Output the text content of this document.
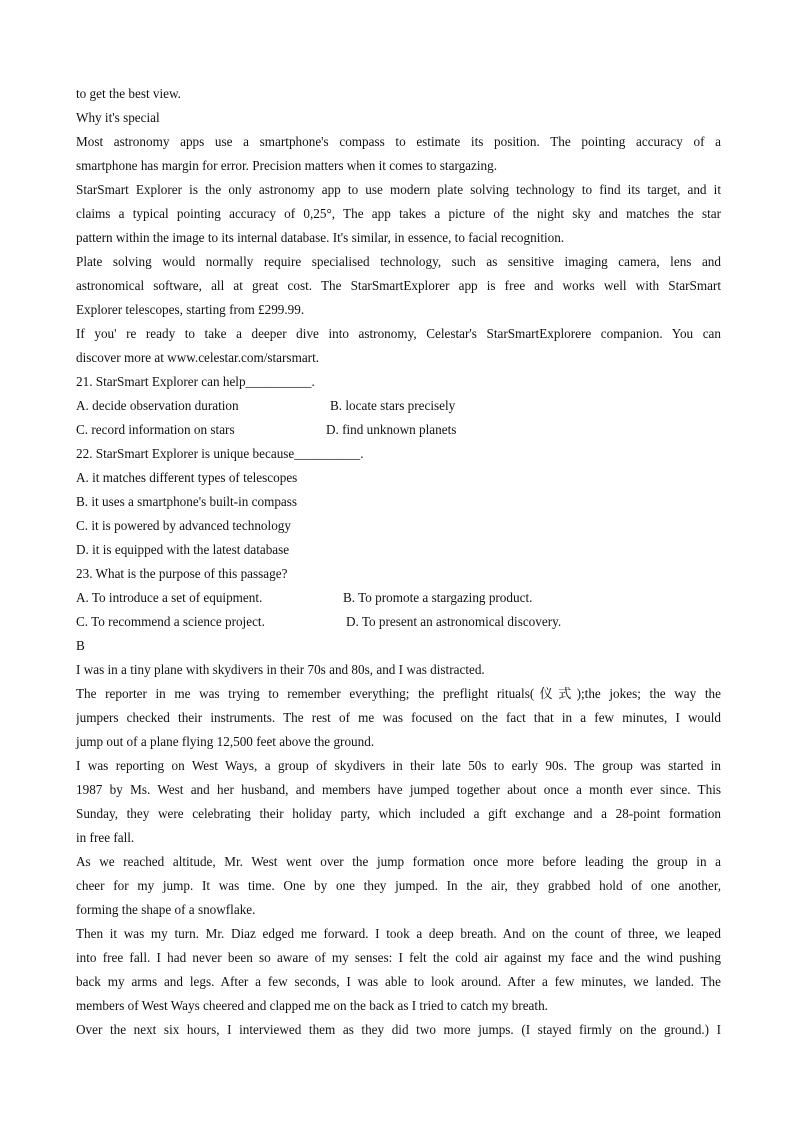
to get the best view.
Why it's special
Most astronomy apps use a smartphone's compass to estimate its position. The pointing accuracy of a
smartphone has margin for error. Precision matters when it comes to stargazing.
StarSmart Explorer is the only astronomy app to use modern plate solving technology to find its target, and it
claims a typical pointing accuracy of 0,25°, The app takes a picture of the night sky and matches the star
pattern within the image to its internal database. It's similar, in essence, to facial recognition.
Plate solving would normally require specialised technology, such as sensitive imaging camera, lens and
astronomical software, all at great cost. The StarSmartExplorer app is free and works well with StarSmart
Explorer telescopes, starting from £299.99.
If you' re ready to take a deeper dive into astronomy, Celestar's StarSmartExplorere companion. You can
discover more at www.celestar.com/starsmart.
21. StarSmart Explorer can help__________.
A. decide observation duration	B. locate stars precisely
C. record information on stars	D. find unknown planets
22. StarSmart Explorer is unique because__________.
A. it matches different types of telescopes
B. it uses a smartphone's built-in compass
C. it is powered by advanced technology
D. it is equipped with the latest database
23. What is the purpose of this passage?
A. To introduce a set of equipment.	B. To promote a stargazing product.
C. To recommend a science project.	D. To present an astronomical discovery.
B
I was in a tiny plane with skydivers in their 70s and 80s, and I was distracted.
The reporter in me was trying to remember everything; the preflight rituals(仪式);the jokes; the way the
jumpers checked their instruments. The rest of me was focused on the fact that in a few minutes, I would
jump out of a plane flying 12,500 feet above the ground.
I was reporting on West Ways, a group of skydivers in their late 50s to early 90s. The group was started in
1987 by Ms. West and her husband, and members have jumped together about once a month ever since. This
Sunday, they were celebrating their holiday party, which included a gift exchange and a 28-point formation
in free fall.
As we reached altitude, Mr. West went over the jump formation once more before leading the group in a
cheer for my jump. It was time. One by one they jumped. In the air, they grabbed hold of one another,
forming the shape of a snowflake.
Then it was my turn. Mr. Diaz edged me forward. I took a deep breath. And on the count of three, we leaped
into free fall. I had never been so aware of my senses: I felt the cold air against my face and the wind pushing
back my arms and legs. After a few seconds, I was able to look around. After a few minutes, we landed. The
members of West Ways cheered and clapped me on the back as I tried to catch my breath.
Over the next six hours, I interviewed them as they did two more jumps. (I stayed firmly on the ground.) I
